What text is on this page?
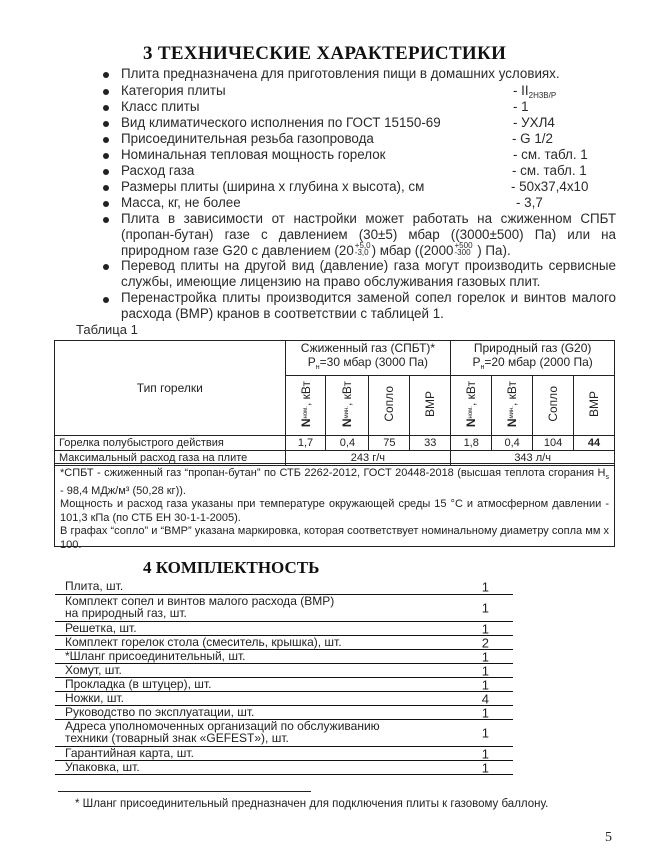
3 ТЕХНИЧЕСКИЕ ХАРАКТЕРИСТИКИ
Плита предназначена для приготовления пищи в домашних условиях.
Категория плиты	- $II_{2Н3В/Р}$
Класс плиты	- 1
Вид климатического исполнения по ГОСТ 15150-69	- УХЛ4
Присоединительная резьба газопровода	- G 1/2
Номинальная тепловая мощность горелок	- см. табл. 1
Расход газа	- см. табл. 1
Размеры плиты (ширина х глубина х высота), см	- 50х37,4х10
Масса, кг, не более	- 3,7
Плита в зависимости от настройки может работать на сжиженном СПБТ
(пропан-бутан) газе с давлением (30±5) мбар ((3000±500) Па) или на
природном газе G20 с давлением (20 +5,0
-3,0 ) мбар ((2000 +500
-300 ) Па).
Перевод плиты на другой вид (давление) газа могут производить сервисные службы, имеющие лицензию на право обслуживания газовых плит.
Перенастройка плиты производится заменой сопел горелок и винтов малого расхода (ВМР) кранов в соответствии с таблицей 1.
Таблица 1
Тип горелки	
Сжиженный газ (СПБТ)*
$P_н=30$ мбар (3000 Па)

Природный газ (G20)
$P_н=20$ мбар (2000 Па)

	Nном., кВт	Nмин., кВт	Сопло	ВМР	Nном., кВт	Nмин., кВт	Сопло	ВМР
Горелка полубыстрого действия	1,7	0,4	75	33	1,8	0,4	104	44
Максимальный расход газа на плите	243 г/ч				343 л/ч			
*СПБТ - сжиженный газ “пропан-бутан” по СТБ 2262-2012, ГОСТ 20448-2018 (высшая теплота сгорания $H_s - 98,4$ МДж/м³ (50,28 кг)).
Мощность и расход газа указаны при температуре окружающей среды 15 °С и атмосферном давлении - 101,3 кПа (по СТБ ЕН 30-1-1-2005).
В графах “сопло” и “ВМР” указана маркировка, которая соответствует номинальному диаметру сопла мм х 100.
4 КОМПЛЕКТНОСТЬ
Плита, шт.	1
Комплект сопел и винтов малого расхода (ВМР)
на природный газ, шт.	1
Решетка, шт.	1
Комплект горелок стола (смеситель, крышка), шт.	2
*Шланг присоединительный, шт.	1
Хомут, шт.	1
Прокладка (в штуцер), шт.	1
Ножки, шт.	4
Руководство по эксплуатации, шт.	1
Адреса уполномоченных организаций по обслуживанию
техники (товарный знак «GEFEST»), шт.	1
Гарантийная карта, шт.	1
Упаковка, шт.	1
* Шланг присоединительный предназначен для подключения плиты к газовому баллону.
5
